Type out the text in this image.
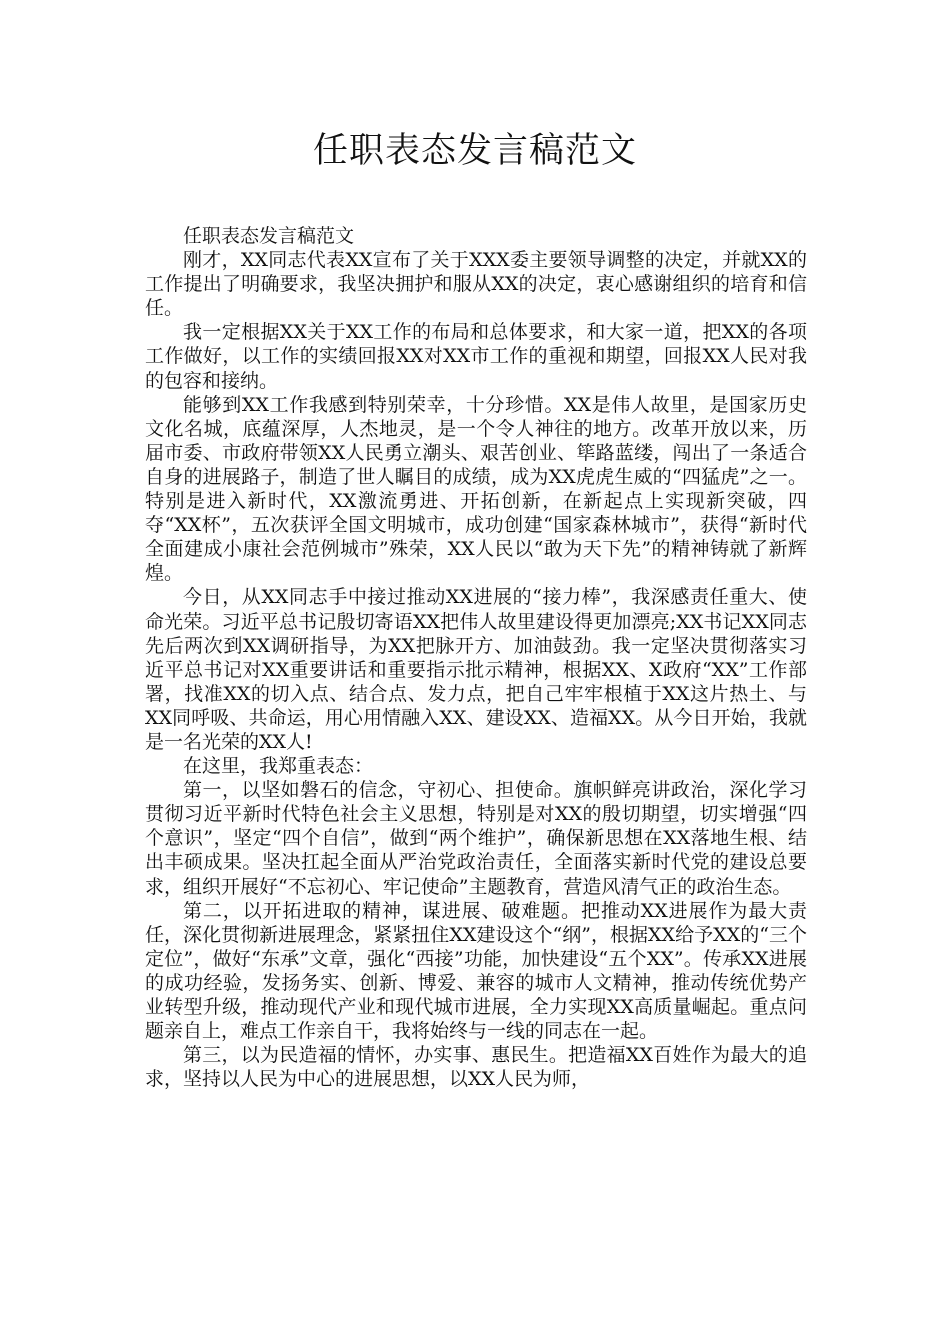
任职表态发言稿范文

任职表态发言稿范文

刚才，XX同志代表XX宣布了关于XXX委主要领导调整的决定，并就XX的工作提出了明确要求，我坚决拥护和服从XX的决定，衷心感谢组织的培育和信任。

我一定根据XX关于XX工作的布局和总体要求，和大家一道，把XX的各项工作做好，以工作的实绩回报XX对XX市工作的重视和期望，回报XX人民对我的包容和接纳。

能够到XX工作我感到特别荣幸，十分珍惜。XX是伟人故里，是国家历史文化名城，底蕴深厚，人杰地灵，是一个令人神往的地方。改革开放以来，历届市委、市政府带领XX人民勇立潮头、艰苦创业、筚路蓝缕，闯出了一条适合自身的进展路子，制造了世人瞩目的成绩，成为XX虎虎生威的“四猛虎”之一。特别是进入新时代，XX激流勇进、开拓创新，在新起点上实现新突破，四夺“XX杯”，五次获评全国文明城市，成功创建“国家森林城市”，获得“新时代全面建成小康社会范例城市”殊荣，XX人民以“敢为天下先”的精神铸就了新辉煌。

今日，从XX同志手中接过推动XX进展的“接力棒”，我深感责任重大、使命光荣。习近平总书记殷切寄语XX把伟人故里建设得更加漂亮;XX书记XX同志先后两次到XX调研指导，为XX把脉开方、加油鼓劲。我一定坚决贯彻落实习近平总书记对XX重要讲话和重要指示批示精神，根据XX、X政府“XX”工作部署，找准XX的切入点、结合点、发力点，把自己牢牢根植于XX这片热土、与XX同呼吸、共命运，用心用情融入XX、建设XX、造福XX。从今日开始，我就是一名光荣的XX人!

在这里，我郑重表态：

第一，以坚如磐石的信念，守初心、担使命。旗帜鲜亮讲政治，深化学习贯彻习近平新时代特色社会主义思想，特别是对XX的殷切期望，切实增强“四个意识”，坚定“四个自信”，做到“两个维护”，确保新思想在XX落地生根、结出丰硕成果。坚决扛起全面从严治党政治责任，全面落实新时代党的建设总要求，组织开展好“不忘初心、牢记使命”主题教育，营造风清气正的政治生态。

第二，以开拓进取的精神，谋进展、破难题。把推动XX进展作为最大责任，深化贯彻新进展理念，紧紧扭住XX建设这个“纲”，根据XX给予XX的“三个定位”，做好“东承”文章，强化“西接”功能，加快建设“五个XX”。传承XX进展的成功经验，发扬务实、创新、博爱、兼容的城市人文精神，推动传统优势产业转型升级，推动现代产业和现代城市进展，全力实现XX高质量崛起。重点问题亲自上，难点工作亲自干，我将始终与一线的同志在一起。

第三，以为民造福的情怀，办实事、惠民生。把造福XX百姓作为最大的追求，坚持以人民为中心的进展思想，以XX人民为师，
